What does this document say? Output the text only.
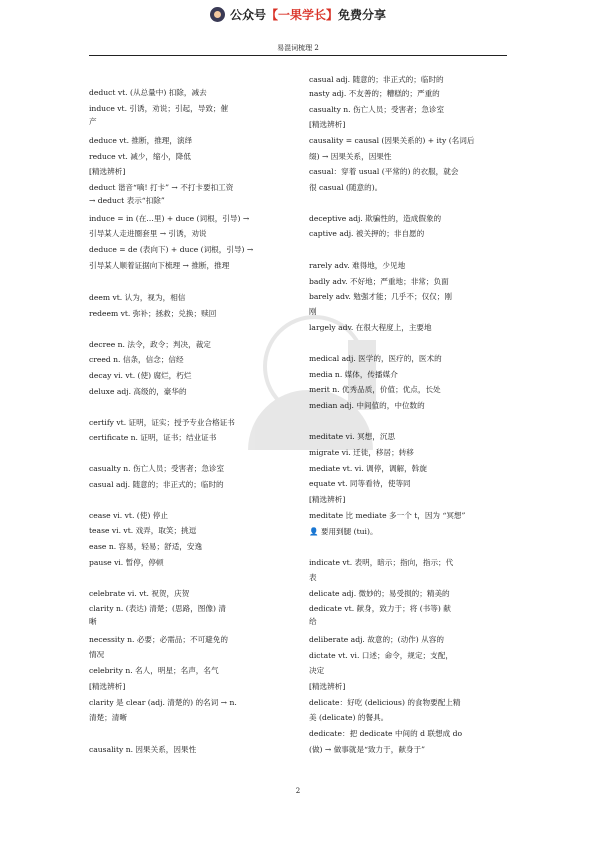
公众号【一果学长】免费分享
易混词梳理 2
2
deduct vt. (从总量中) 扣除，减去
induce vt. 引诱，劝说；引起，导致；催
产
deduce vt. 推断，推理，演绎
reduce vt. 减少，缩小，降低
[精选辨析]
deduct 谐音“嘀! 打卡” → 不打卡要扣工资
→ deduct 表示“扣除”
induce = in (在…里) + duce (词根，引导) →
引导某人走进圈套里 → 引诱，劝说
deduce = de (表向下) + duce (词根，引导) →
引导某人顺着证据向下梳理 → 推断，推理
deem vt. 认为，视为，相信
redeem vt. 弥补；拯救；兑换；赎回
decree n. 法令，政令；判决，裁定
creed n. 信条，信念；信经
decay vi. vt. (使) 腐烂，朽烂
deluxe adj. 高级的，豪华的
certify vt. 证明，证实；授予专业合格证书
certificate n. 证明，证书；结业证书
casualty n. 伤亡人员；受害者；急诊室
casual adj. 随意的；非正式的；临时的
cease vi. vt. (使) 停止
tease vi. vt. 戏弄，取笑；挑逗
ease n. 容易，轻易；舒适，安逸
pause vi. 暂停，停顿
celebrate vi. vt. 祝贺，庆贺
clarity n. (表达) 清楚；(思路，图像) 清
晰
necessity n. 必要；必需品；不可避免的
情况
celebrity n. 名人，明星；名声，名气
[精选辨析]
clarity 是 clear (adj. 清楚的) 的名词 → n.
清楚；清晰
causality n. 因果关系，因果性
casual adj. 随意的；非正式的；临时的
nasty adj. 不友善的；糟糕的；严重的
casualty n. 伤亡人员；受害者；急诊室
[精选辨析]
causality = causal (因果关系的) + ity (名词后
缀) → 因果关系，因果性
casual：穿着 usual (平常的) 的衣服，就会
很 casual (随意的)。
deceptive adj. 欺骗性的，造成假象的
captive adj. 被关押的；非自愿的
rarely adv. 难得地，少见地
badly adv. 不好地；严重地；非常；负面
barely adv. 勉强才能；几乎不；仅仅；刚
刚
largely adv. 在很大程度上，主要地
medical adj. 医学的，医疗的，医术的
media n. 媒体，传播媒介
merit n. 优秀品质，价值；优点，长处
median adj. 中间值的，中位数的
meditate vi. 冥想，沉思
migrate vi. 迁徙，移居；转移
mediate vt. vi. 调停，调解，斡旋
equate vt. 同等看待，使等同
[精选辨析]
meditate 比 mediate 多一个 t，因为 “冥想”
👤 要用到腿 (tui)。
indicate vt. 表明，暗示；指向，指示；代
表
delicate adj. 微妙的；易受损的；精美的
dedicate vt. 献身，致力于；将 (书等) 献
给
deliberate adj. 故意的；(动作) 从容的
dictate vt. vi. 口述；命令，规定；支配，
决定
[精选辨析]
delicate：好吃 (delicious) 的食物要配上精
美 (delicate) 的餐具。
dedicate：把 dedicate 中间的 d 联想成 do
(做) → 做事就是“致力于，献身于”
